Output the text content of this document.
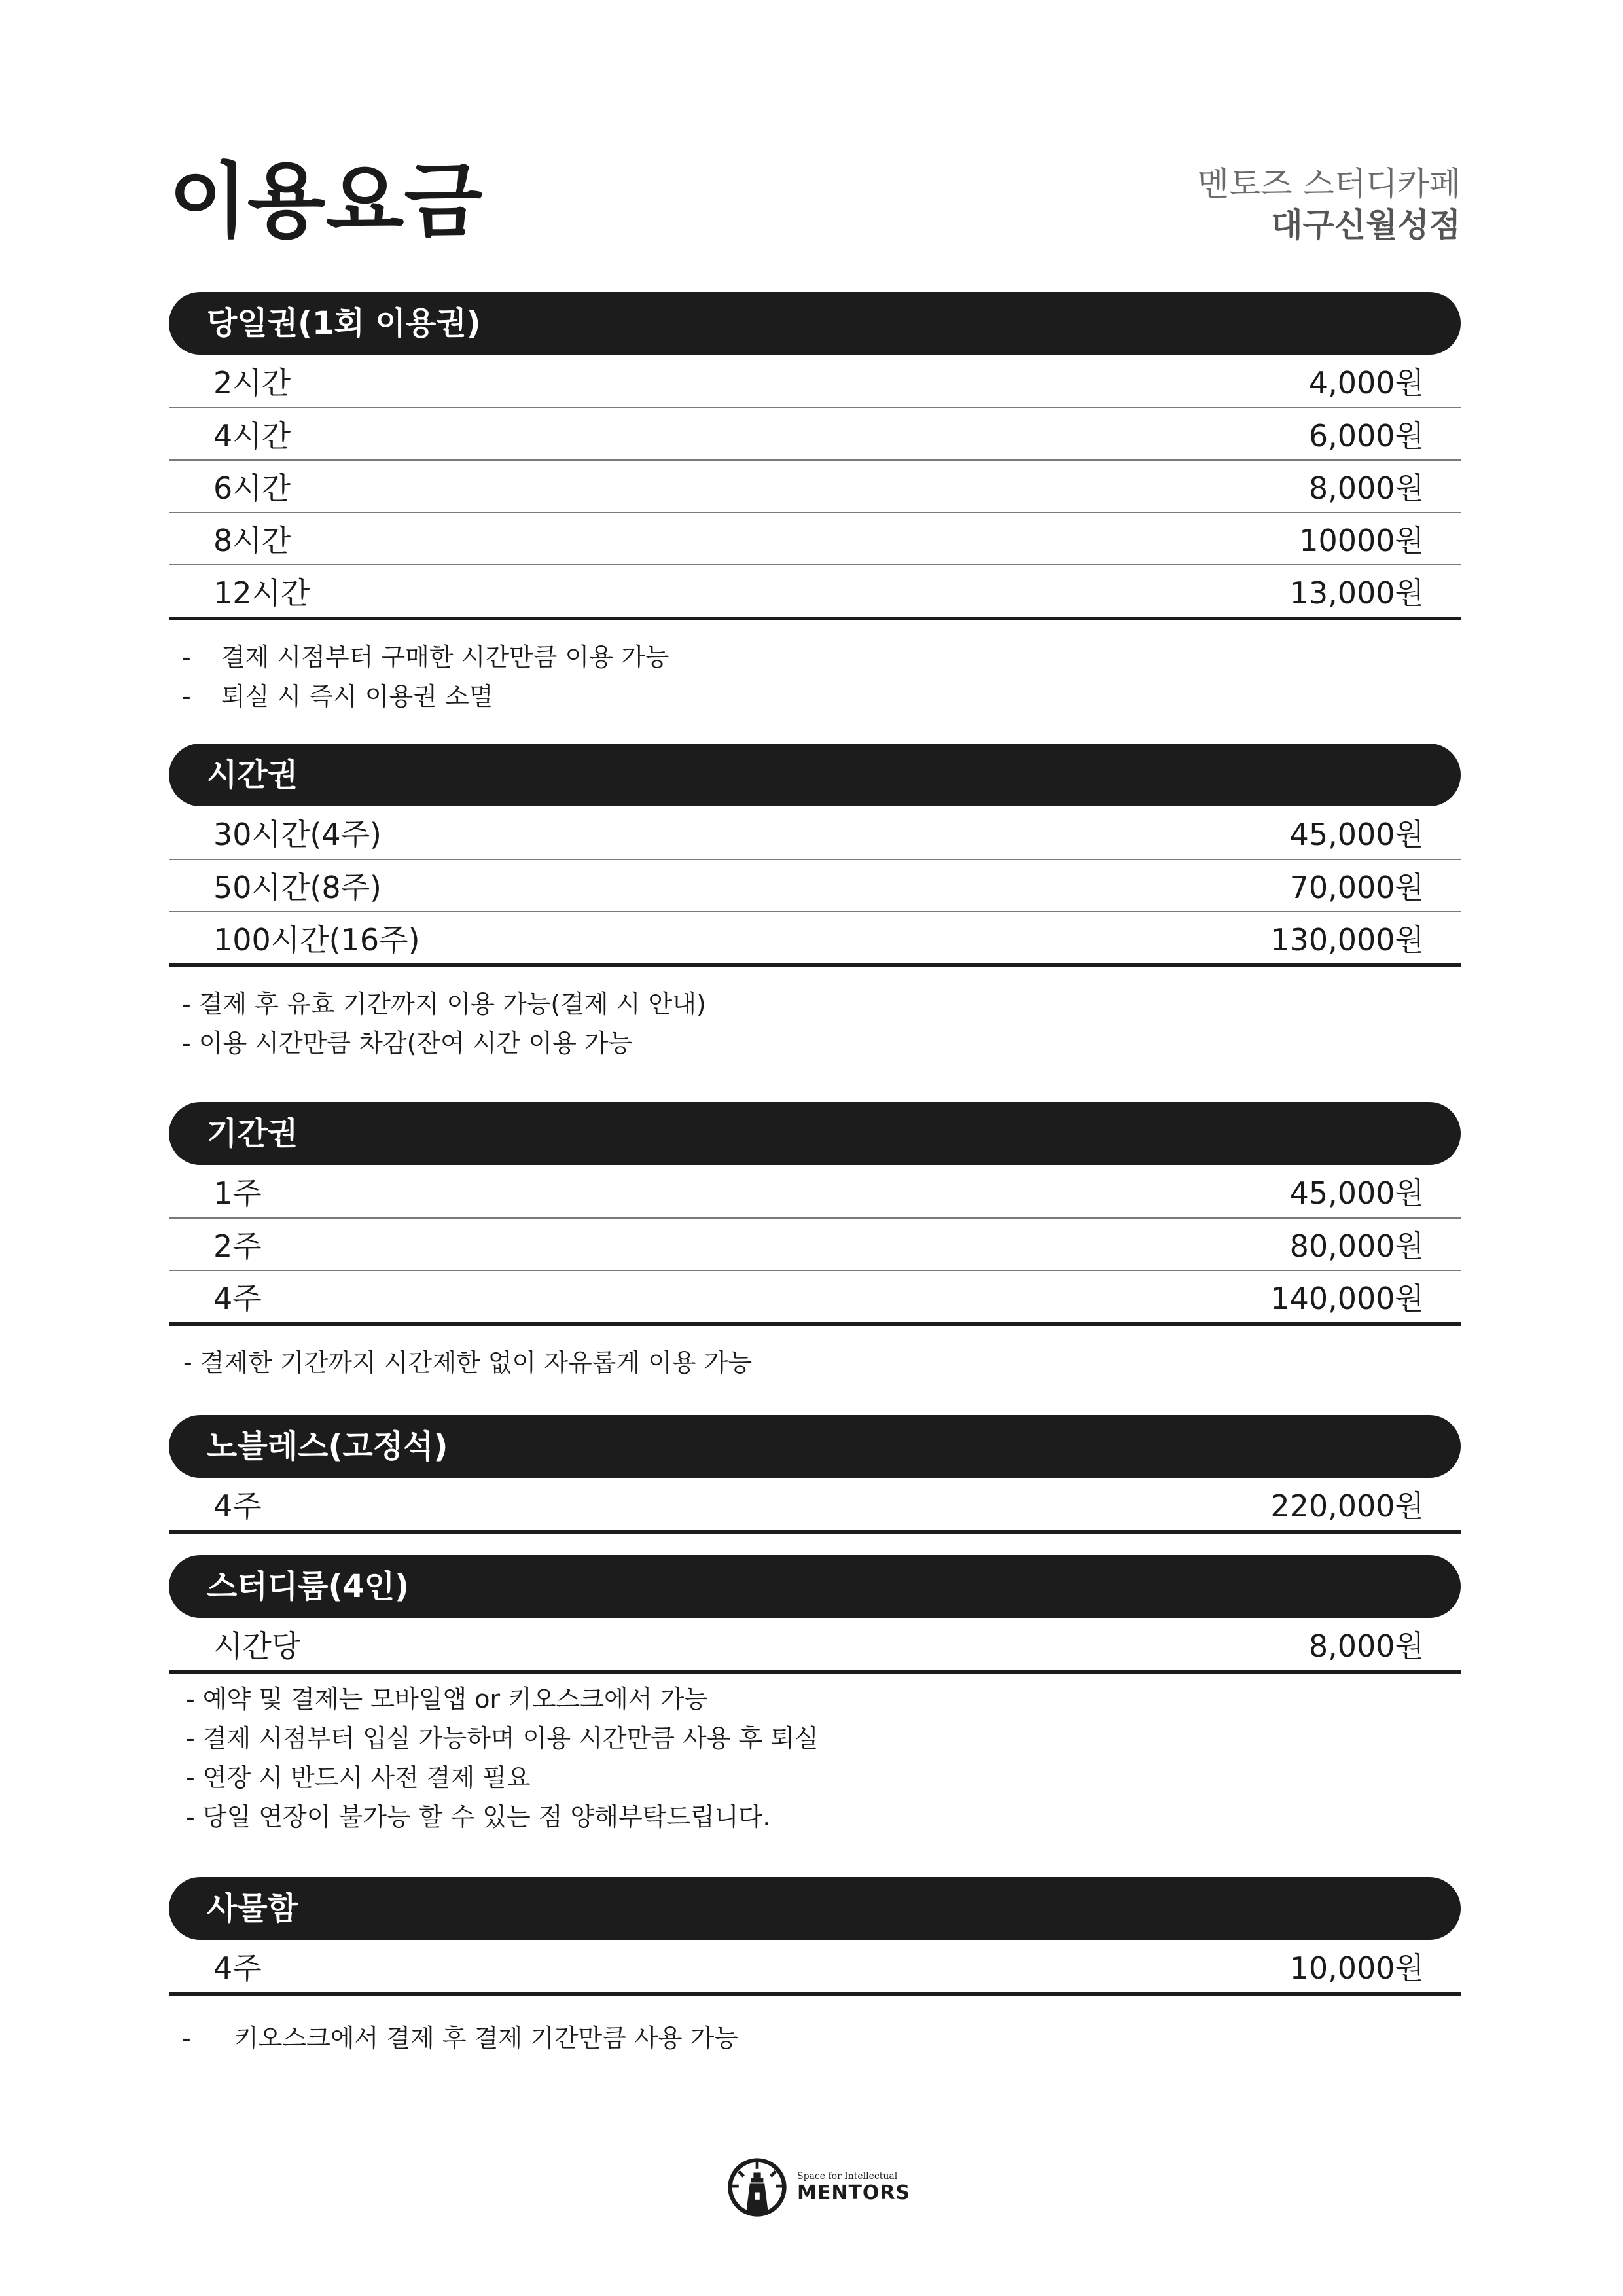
이용요금	멘토즈 스터디카페
대구신월성점
당일권(1회 이용권)
2시간	4,000원
4시간	6,000원
6시간	8,000원
8시간	10000원
12시간	13,000원
- 결제 시점부터 구매한 시간만큼 이용 가능
- 퇴실 시 즉시 이용권 소멸
시간권
30시간(4주)	45,000원
50시간(8주)	70,000원
100시간(16주)	130,000원
- 결제 후 유효 기간까지 이용 가능(결제 시 안내)
- 이용 시간만큼 차감(잔여 시간 이용 가능
기간권
1주	45,000원
2주	80,000원
4주	140,000원
- 결제한 기간까지 시간제한 없이 자유롭게 이용 가능
노블레스(고정석)
4주	220,000원
스터디룸(4인)
시간당	8,000원
- 예약 및 결제는 모바일앱 or 키오스크에서 가능
- 결제 시점부터 입실 가능하며 이용 시간만큼 사용 후 퇴실
- 연장 시 반드시 사전 결제 필요
- 당일 연장이 불가능 할 수 있는 점 양해부탁드립니다.
사물함
4주	10,000원
- 키오스크에서 결제 후 결제 기간만큼 사용 가능
Space for Intellectual
MENTORS
